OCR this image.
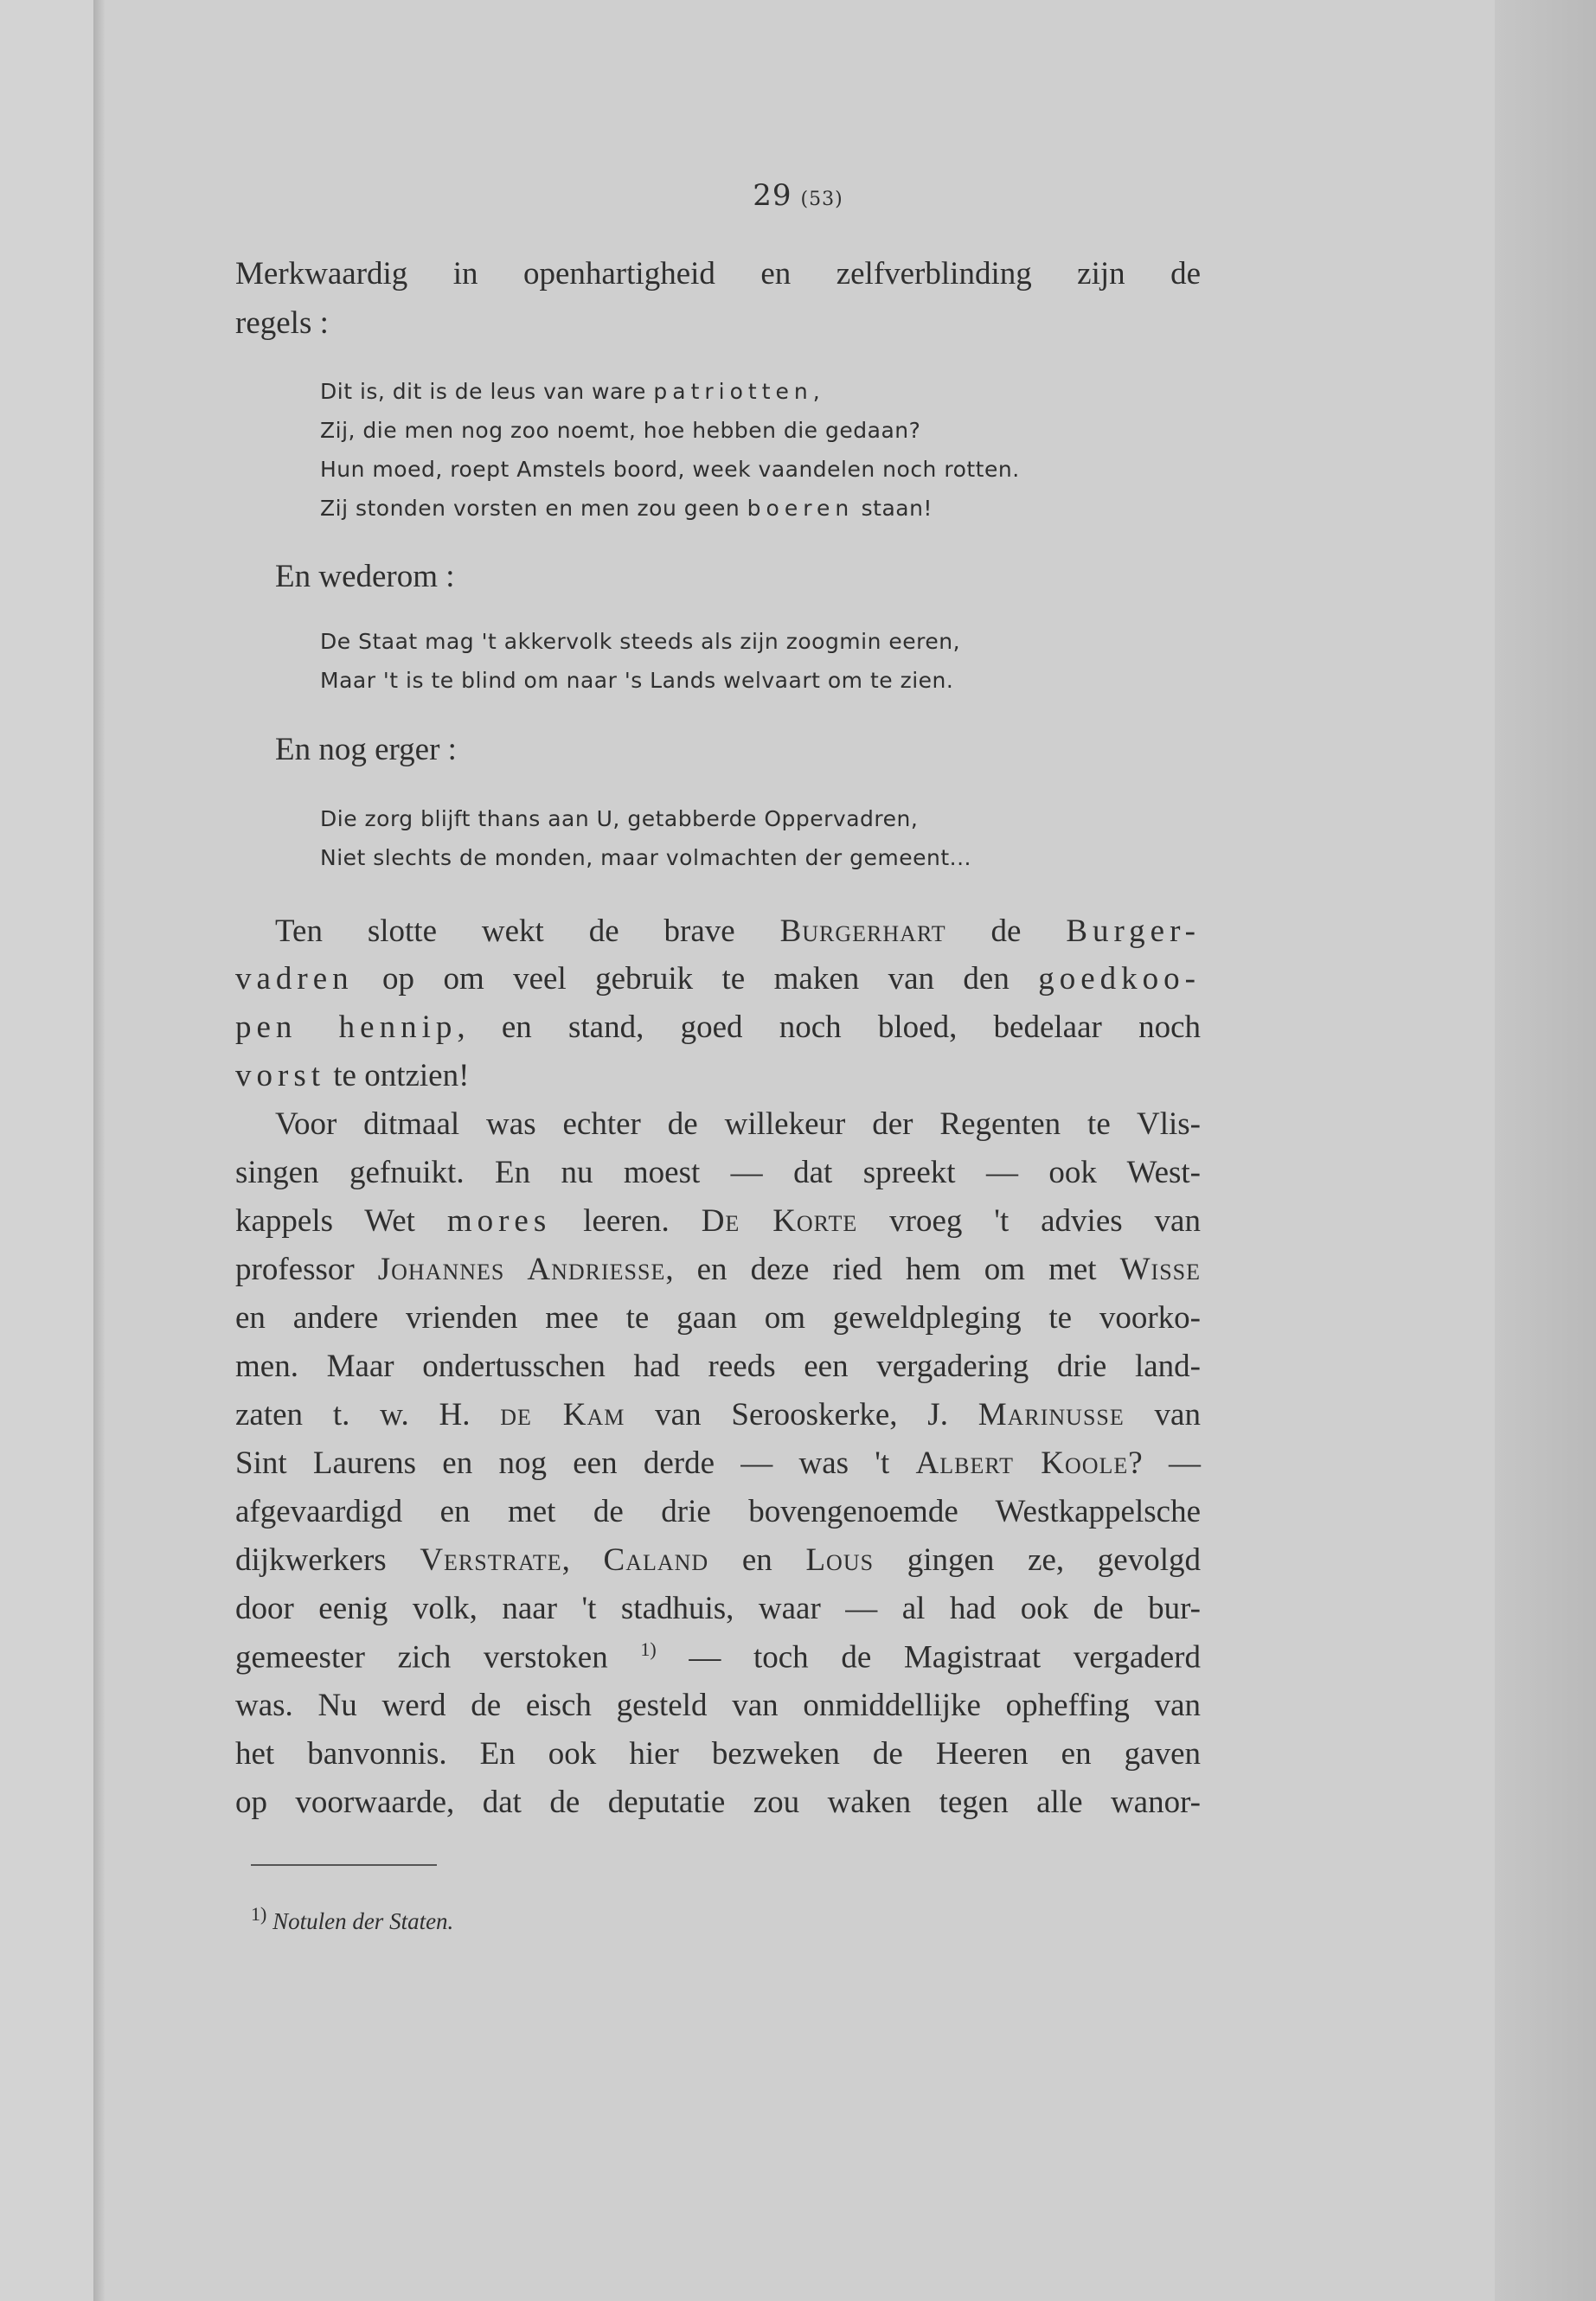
29 (53)
Merkwaardig in openhartigheid en zelfverblinding zijn de
regels :
Dit is, dit is de leus van ware patriotten,
Zij, die men nog zoo noemt, hoe hebben die gedaan?
Hun moed, roept Amstels boord, week vaandelen noch rotten.
Zij stonden vorsten en men zou geen boeren staan!
En wederom :
De Staat mag 't akkervolk steeds als zijn zoogmin eeren,
Maar 't is te blind om naar 's Lands welvaart om te zien.
En nog erger :
Die zorg blijft thans aan U, getabberde Oppervadren,
Niet slechts de monden, maar volmachten der gemeent...
Ten slotte wekt de brave Burgerhart de Burger-
vadren op om veel gebruik te maken van den goedkoo-
pen hennip, en stand, goed noch bloed, bedelaar noch
vorst te ontzien!
Voor ditmaal was echter de willekeur der Regenten te Vlis-
singen gefnuikt. En nu moest — dat spreekt — ook West-
kappels Wet mores leeren. De Korte vroeg 't advies van
professor Johannes Andriesse, en deze ried hem om met Wisse
en andere vrienden mee te gaan om geweldpleging te voorko-
men. Maar ondertusschen had reeds een vergadering drie land-
zaten t. w. H. de Kam van Serooskerke, J. Marinusse van
Sint Laurens en nog een derde — was 't Albert Koole? —
afgevaardigd en met de drie bovengenoemde Westkappelsche
dijkwerkers Verstrate, Caland en Lous gingen ze, gevolgd
door eenig volk, naar 't stadhuis, waar — al had ook de bur-
gemeester zich verstoken $^{1)}$ — toch de Magistraat vergaderd
was. Nu werd de eisch gesteld van onmiddellijke opheffing van
het banvonnis. En ook hier bezweken de Heeren en gaven
op voorwaarde, dat de deputatie zou waken tegen alle wanor-
$^{1)}$ Notulen der Staten.
